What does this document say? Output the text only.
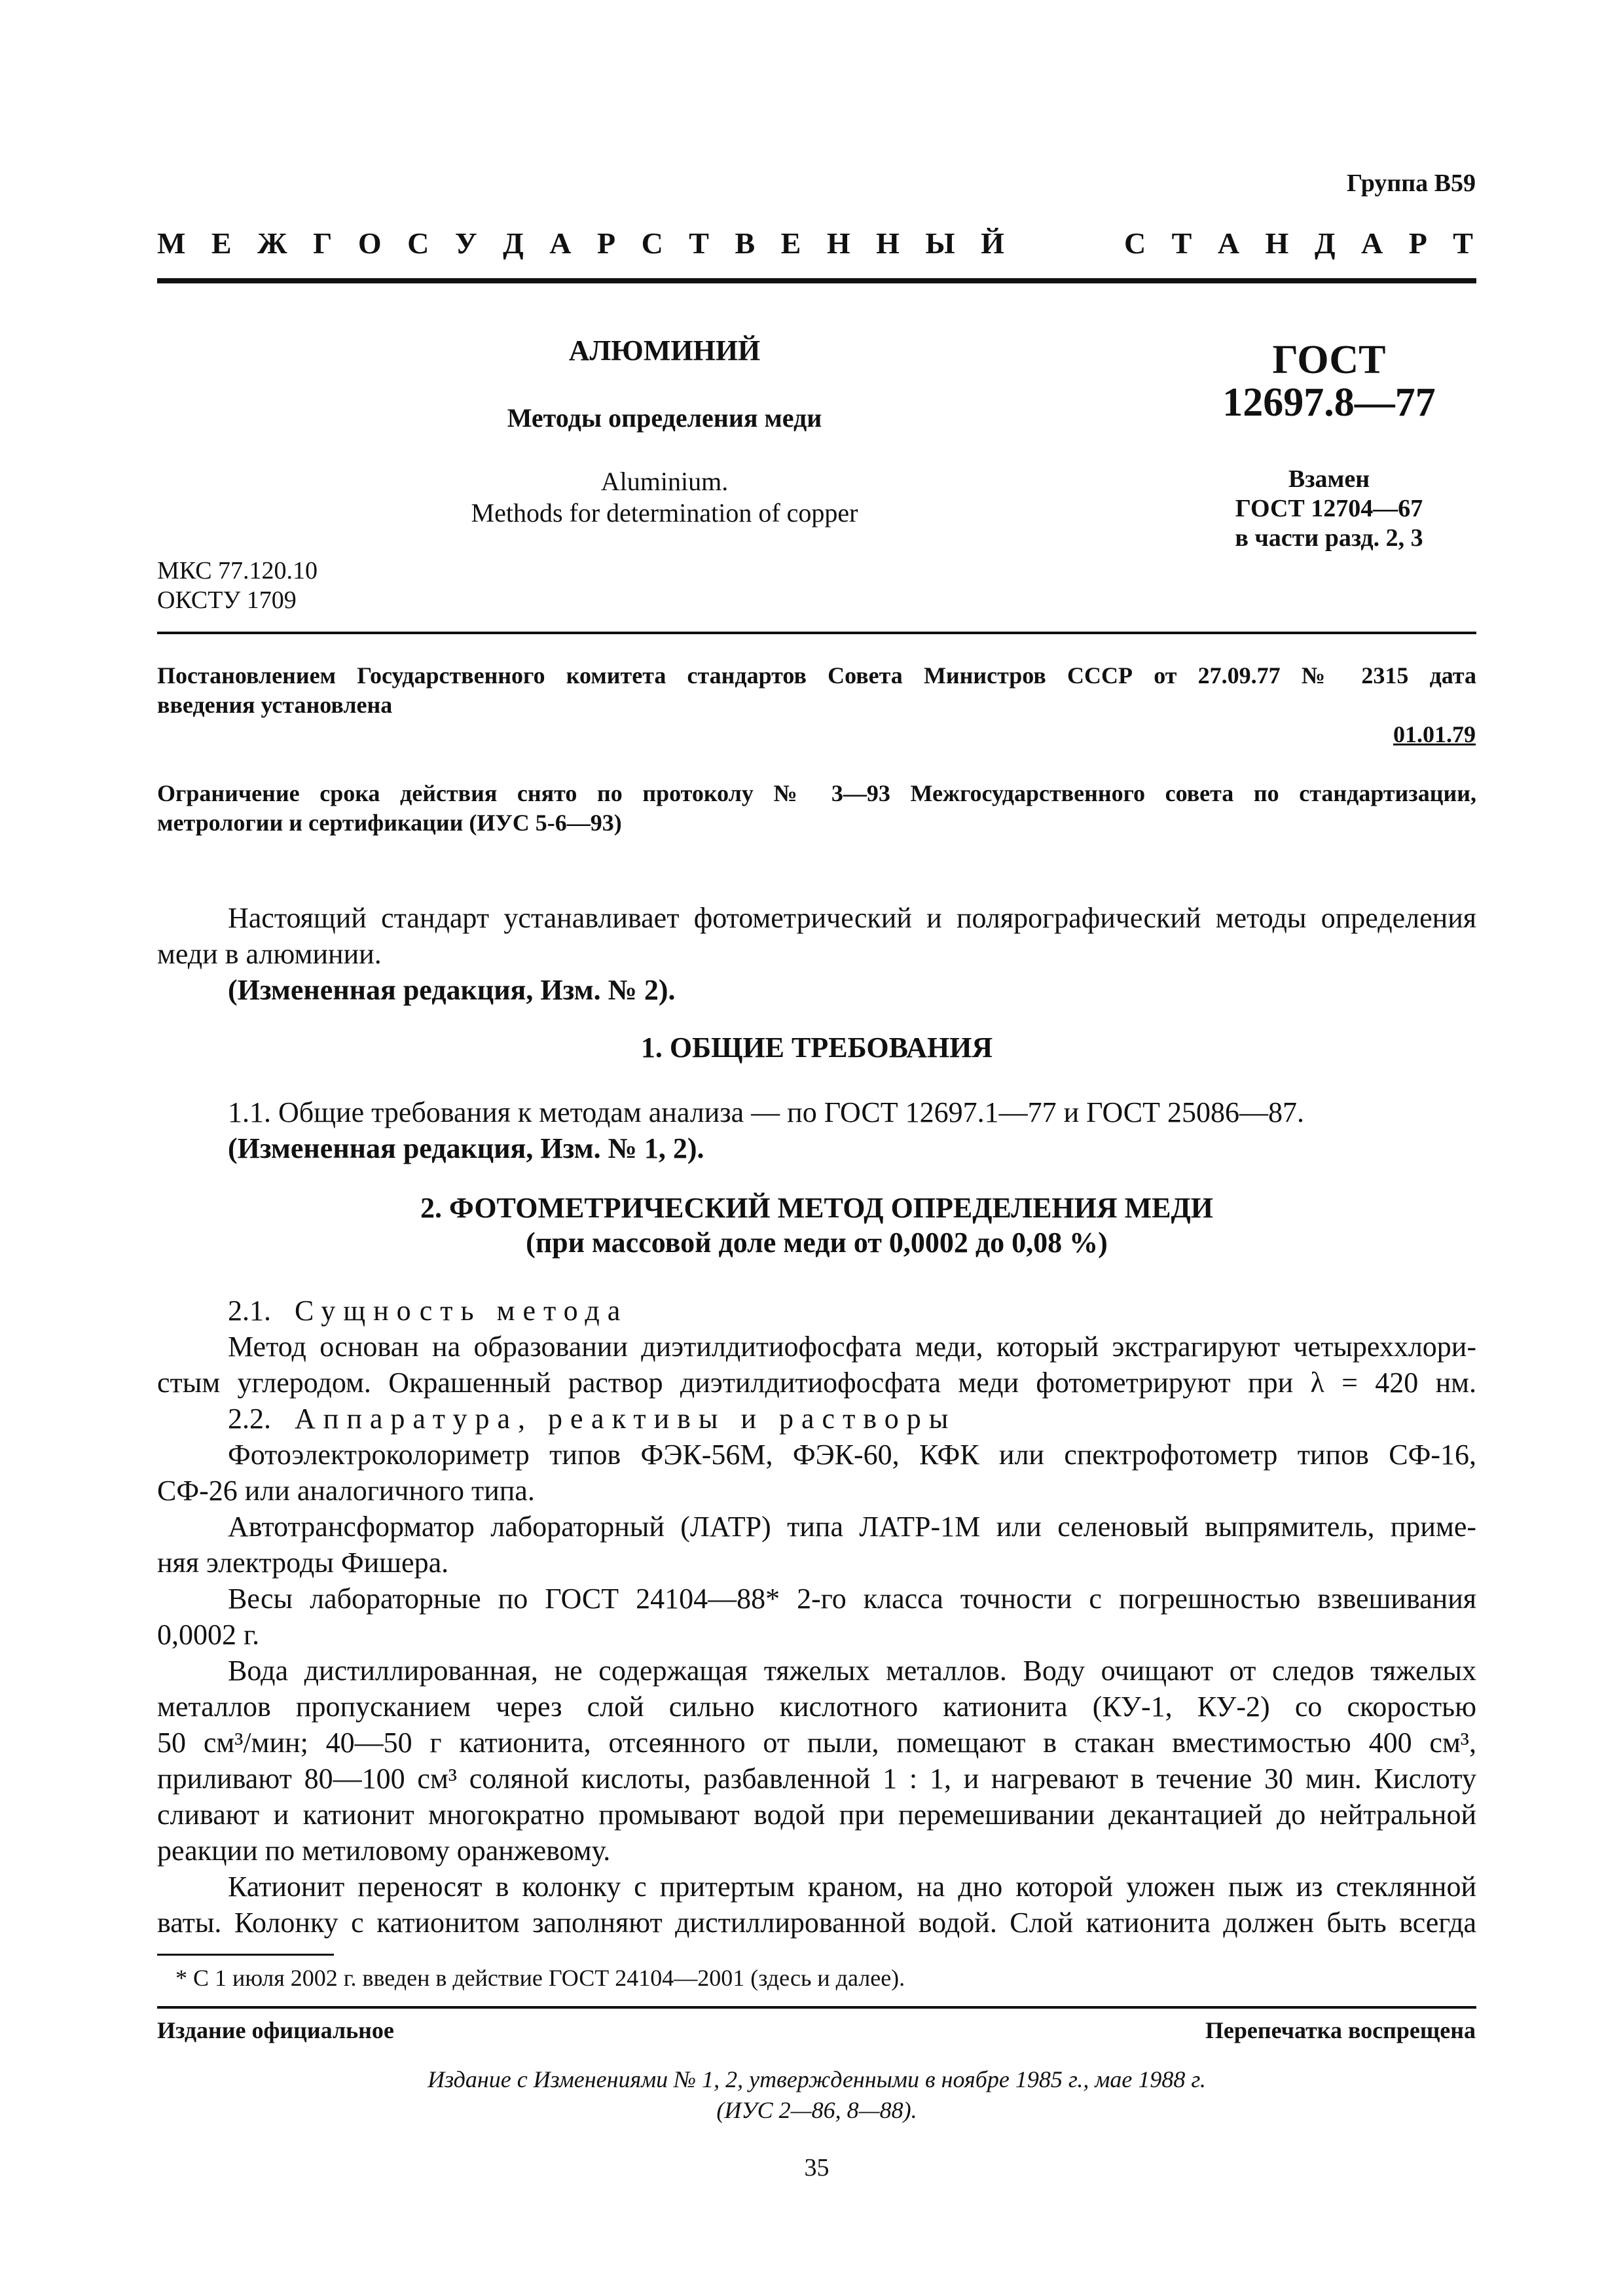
Группа В59
М Е Ж Г О С У Д А Р С Т В Е Н Н Ы Й	С Т А Н Д А Р Т
АЛЮМИНИЙ
Методы определения меди
Aluminium.
Methods for determination of copper
ГОСТ
12697.8—77
Взамен
ГОСТ 12704—67
в части разд. 2, 3
МКС 77.120.10
ОКСТУ 1709
Постановлением Государственного комитета стандартов Совета Министров СССР от 27.09.77 № 2315 дата
введения установлена
01.01.79
Ограничение срока действия снято по протоколу № 3—93 Межгосударственного совета по стандартизации,
метрологии и сертификации (ИУС 5-6—93)
Настоящий стандарт устанавливает фотометрический и полярографический методы определения
меди в алюминии.
(Измененная редакция, Изм. № 2).
1. ОБЩИЕ ТРЕБОВАНИЯ
1.1. Общие требования к методам анализа — по ГОСТ 12697.1—77 и ГОСТ 25086—87.
(Измененная редакция, Изм. № 1, 2).
2. ФОТОМЕТРИЧЕСКИЙ МЕТОД ОПРЕДЕЛЕНИЯ МЕДИ
(при массовой доле меди от 0,0002 до 0,08 %)
2.1. Сущность метода
Метод основан на образовании диэтилдитиофосфата меди, который экстрагируют четыреххлори-
стым углеродом. Окрашенный раствор диэтилдитиофосфата меди фотометрируют при λ = 420 нм.
2.2. Аппаратура, реактивы и растворы
Фотоэлектроколориметр типов ФЭК-56М, ФЭК-60, КФК или спектрофотометр типов СФ-16,
СФ-26 или аналогичного типа.
Автотрансформатор лабораторный (ЛАТР) типа ЛАТР-1М или селеновый выпрямитель, приме-
няя электроды Фишера.
Весы лабораторные по ГОСТ 24104—88* 2-го класса точности с погрешностью взвешивания
0,0002 г.
Вода дистиллированная, не содержащая тяжелых металлов. Воду очищают от следов тяжелых
металлов пропусканием через слой сильно кислотного катионита (КУ-1, КУ-2) со скоростью
50 см³/мин; 40—50 г катионита, отсеянного от пыли, помещают в стакан вместимостью 400 см³,
приливают 80—100 см³ соляной кислоты, разбавленной 1 : 1, и нагревают в течение 30 мин. Кислоту
сливают и катионит многократно промывают водой при перемешивании декантацией до нейтральной
реакции по метиловому оранжевому.
Катионит переносят в колонку с притертым краном, на дно которой уложен пыж из стеклянной
ваты. Колонку с катионитом заполняют дистиллированной водой. Слой катионита должен быть всегда
* С 1 июля 2002 г. введен в действие ГОСТ 24104—2001 (здесь и далее).
Издание официальное	Перепечатка воспрещена
Издание с Изменениями № 1, 2, утвержденными в ноябре 1985 г., мае 1988 г.
(ИУС 2—86, 8—88).
35
